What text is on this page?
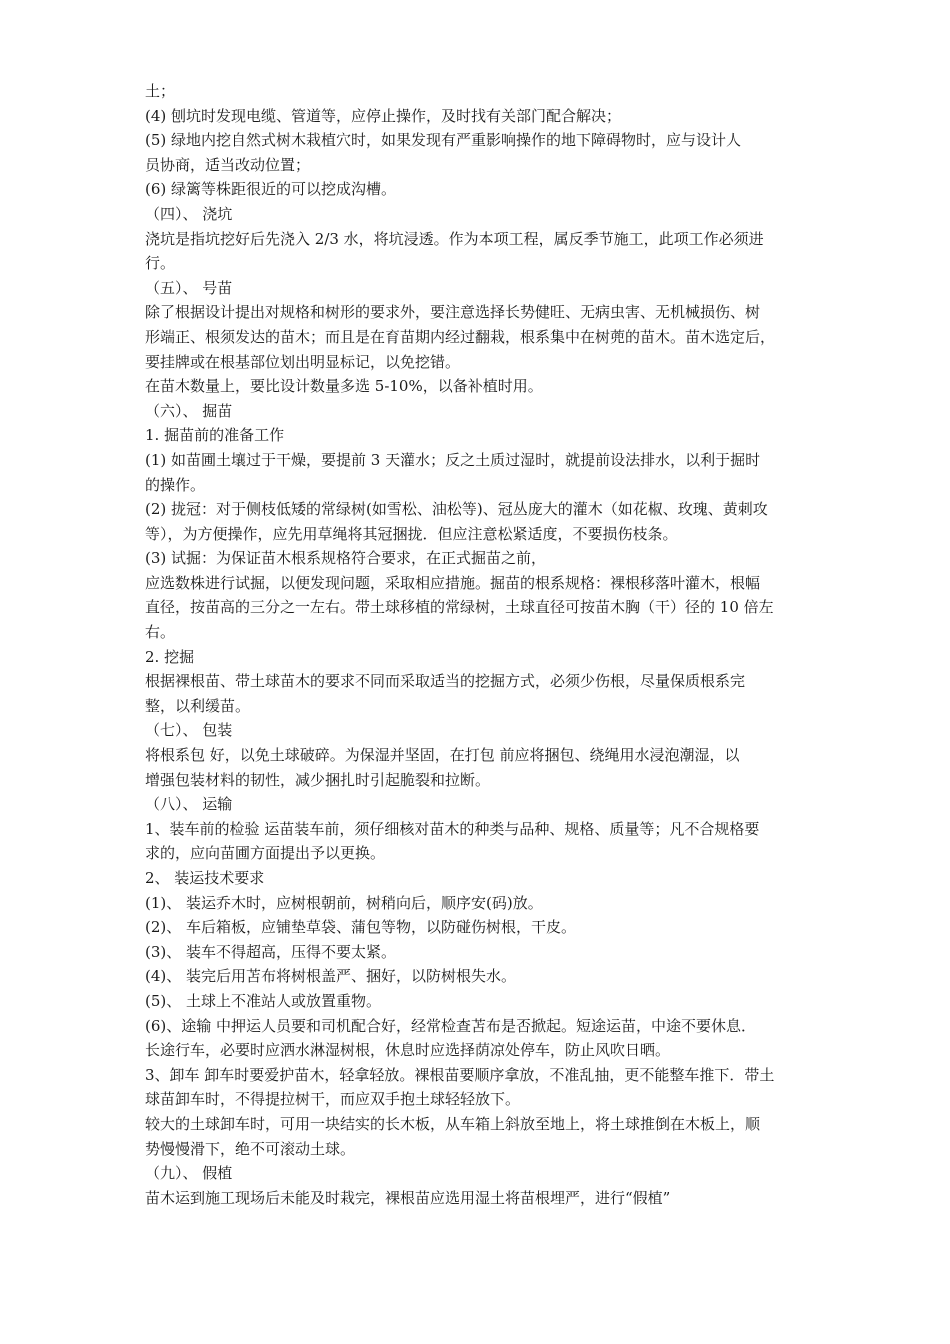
土；
(4) 刨坑时发现电缆、管道等，应停止操作，及时找有关部门配合解决；
(5) 绿地内挖自然式树木栽植穴时，如果发现有严重影响操作的地下障碍物时，应与设计人
员协商，适当改动位置；
(6) 绿篱等株距很近的可以挖成沟槽。
（四）、 浇坑
浇坑是指坑挖好后先浇入 2/3 水，将坑浸透。作为本项工程，属反季节施工，此项工作必须进
行。
（五）、 号苗
除了根据设计提出对规格和树形的要求外，要注意选择长势健旺、无病虫害、无机械损伤、树
形端正、根须发达的苗木；而且是在育苗期内经过翻栽，根系集中在树蔸的苗木。苗木选定后，
要挂牌或在根基部位划出明显标记，以免挖错。
在苗木数量上，要比设计数量多选 5-10%，以备补植时用。
（六）、 掘苗
1. 掘苗前的准备工作
(1) 如苗圃土壤过于干燥，要提前 3 天灌水；反之土质过湿时，就提前设法排水，以利于掘时
的操作。
(2) 拢冠：对于侧枝低矮的常绿树(如雪松、油松等)、冠丛庞大的灌木（如花椒、玫瑰、黄刺攻
等），为方便操作，应先用草绳将其冠捆拢．但应注意松紧适度，不要损伤枝条。
(3) 试掘：为保证苗木根系规格符合要求，在正式掘苗之前，
应选数株进行试掘，以便发现问题，采取相应措施。掘苗的根系规格：裸根移落叶灌木，根幅
直径，按苗高的三分之一左右。带土球移植的常绿树，土球直径可按苗木胸（干）径的 10 倍左
右。
2. 挖掘
根据裸根苗、带土球苗木的要求不同而采取适当的挖掘方式，必须少伤根，尽量保质根系完
整，以利缓苗。
（七）、 包装
将根系包 好，以免土球破碎。为保湿并坚固，在打包 前应将捆包、绕绳用水浸泡潮湿，以
增强包装材料的韧性，减少捆扎时引起脆裂和拉断。
（八）、 运输
1、装车前的检验 运苗装车前，须仔细核对苗木的种类与品种、规格、质量等；凡不合规格要
求的，应向苗圃方面提出予以更换。
2、 装运技术要求
(1)、 装运乔木时，应树根朝前，树稍向后，顺序安(码)放。
(2)、 车后箱板，应铺垫草袋、蒲包等物，以防碰伤树根，干皮。
(3)、 装车不得超高，压得不要太紧。
(4)、 装完后用苫布将树根盖严、捆好，以防树根失水。
(5)、 土球上不准站人或放置重物。
(6)、途输 中押运人员要和司机配合好，经常检查苫布是否掀起。短途运苗，中途不要休息．
长途行车，必要时应洒水淋湿树根，休息时应选择荫凉处停车，防止风吹日晒。
3、卸车 卸车时要爱护苗木，轻拿轻放。裸根苗要顺序拿放，不准乱抽，更不能整车推下．带土
球苗卸车时，不得提拉树干，而应双手抱土球轻轻放下。
较大的土球卸车时，可用一块结实的长木板，从车箱上斜放至地上，将土球推倒在木板上，顺
势慢慢滑下，绝不可滚动土球。
（九）、 假植
苗木运到施工现场后未能及时栽完，裸根苗应选用湿土将苗根埋严，进行“假植”
